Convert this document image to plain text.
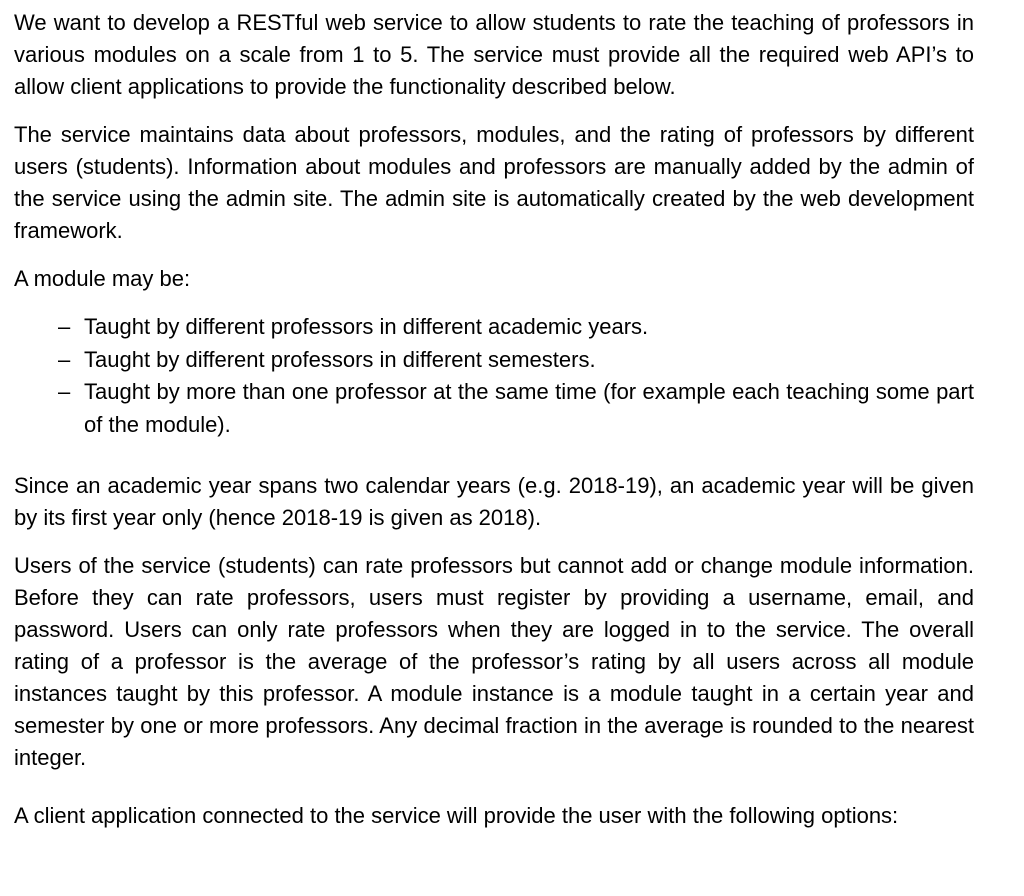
We want to develop a RESTful web service to allow students to rate the teaching of professors in various modules on a scale from 1 to 5. The service must provide all the required web API’s to allow client applications to provide the functionality described below.

The service maintains data about professors, modules, and the rating of professors by different users (students). Information about modules and professors are manually added by the admin of the service using the admin site. The admin site is automatically created by the web development framework.

A module may be:

– Taught by different professors in different academic years.
– Taught by different professors in different semesters.
– Taught by more than one professor at the same time (for example each teaching some part of the module).

Since an academic year spans two calendar years (e.g. 2018-19), an academic year will be given by its first year only (hence 2018-19 is given as 2018).

Users of the service (students) can rate professors but cannot add or change module information. Before they can rate professors, users must register by providing a username, email, and password. Users can only rate professors when they are logged in to the service. The overall rating of a professor is the average of the professor’s rating by all users across all module instances taught by this professor. A module instance is a module taught in a certain year and semester by one or more professors. Any decimal fraction in the average is rounded to the nearest integer.

A client application connected to the service will provide the user with the following options:
